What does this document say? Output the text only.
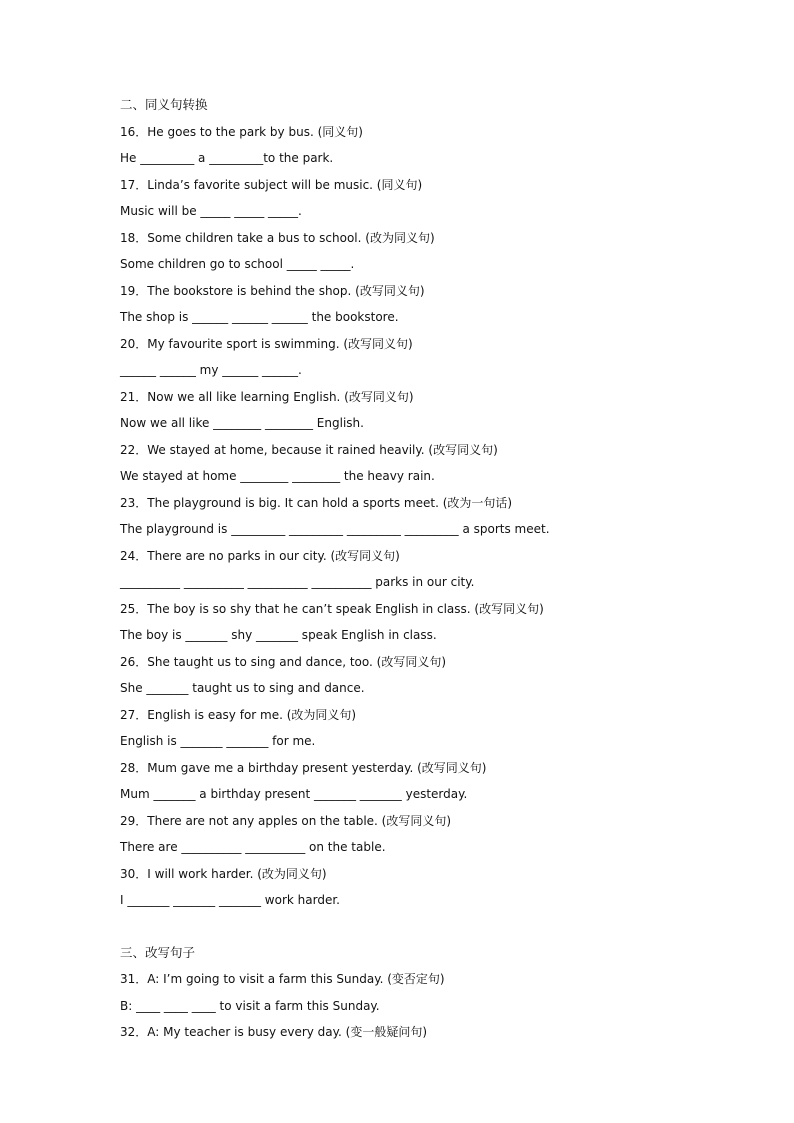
二、同义句转换
16．He goes to the park by bus. (同义句)
He _________ a _________to the park.
17．Linda’s favorite subject will be music. (同义句)
Music will be _____ _____ _____.
18．Some children take a bus to school. (改为同义句)
Some children go to school _____ _____.
19．The bookstore is behind the shop. (改写同义句)
The shop is ______ ______ ______ the bookstore.
20．My favourite sport is swimming. (改写同义句)
______ ______ my ______ ______.
21．Now we all like learning English. (改写同义句)
Now we all like ________ ________ English.
22．We stayed at home, because it rained heavily. (改写同义句)
We stayed at home ________ ________ the heavy rain.
23．The playground is big. It can hold a sports meet. (改为一句话)
The playground is _________ _________ _________ _________ a sports meet.
24．There are no parks in our city. (改写同义句)
__________ __________ __________ __________ parks in our city.
25．The boy is so shy that he can’t speak English in class. (改写同义句)
The boy is _______ shy _______ speak English in class.
26．She taught us to sing and dance, too. (改写同义句)
She _______ taught us to sing and dance.
27．English is easy for me. (改为同义句)
English is _______ _______ for me.
28．Mum gave me a birthday present yesterday. (改写同义句)
Mum _______ a birthday present _______ _______ yesterday.
29．There are not any apples on the table. (改写同义句)
There are __________ __________ on the table.
30．I will work harder. (改为同义句)
I _______ _______ _______ work harder.
三、改写句子
31．A: I’m going to visit a farm this Sunday. (变否定句)
B: ____ ____ ____ to visit a farm this Sunday.
32．A: My teacher is busy every day. (变一般疑问句)
